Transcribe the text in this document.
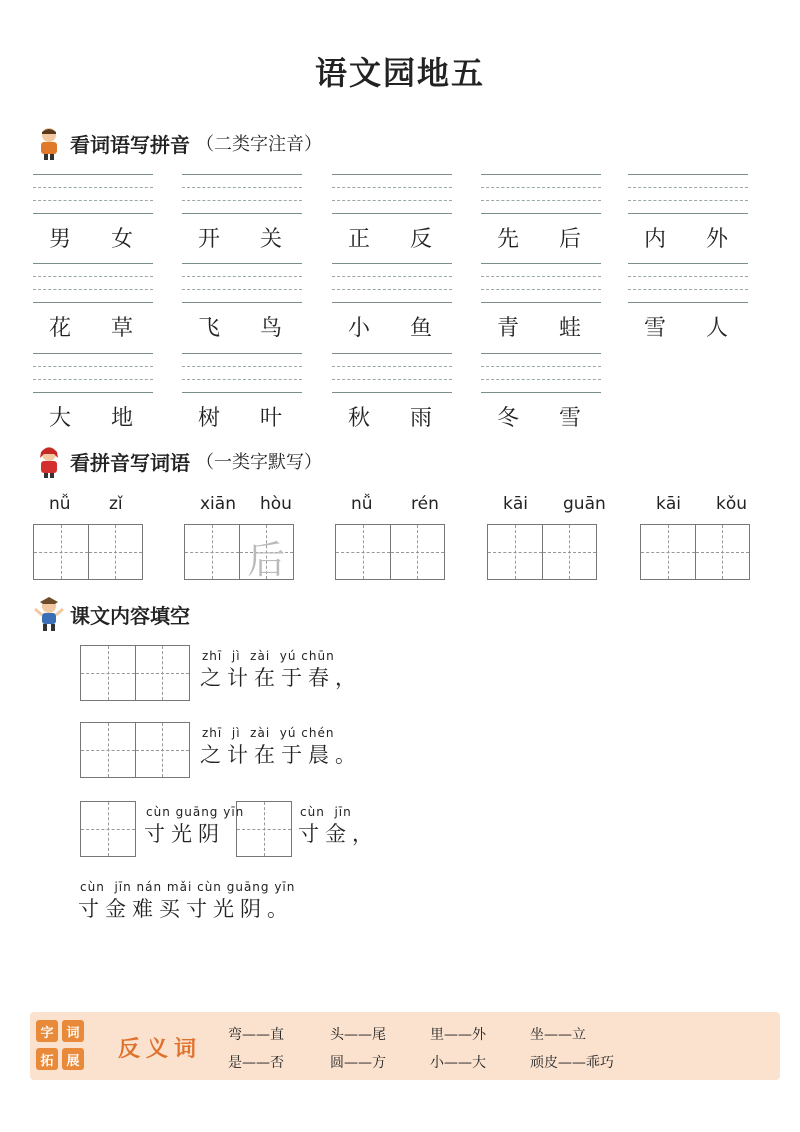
语文园地五
看词语写拼音 （二类字注音）
男 女	开 关	正 反	先 后	内 外
花 草	飞 鸟	小 鱼	青 蛙	雪 人
大 地	树 叶	秋 雨	冬 雪
看拼音写词语 （一类字默写）
nǚ zǐ	xiān hòu
后
nǚ rén	kāi guān	kāi kǒu
课文内容填空
zhī  jì  zài  yú chūn
之计在于春，
zhī  jì  zài  yú chén
之计在于晨。
cùn guāng yīn
寸光阴
cùn  jīn
寸金，
cùn  jīn nán mǎi cùn guāng yīn
寸金难买寸光阴。
字 词
拓 展 反义词
弯——直	头——尾	里——外	坐——立
是——否	圆——方	小——大	顽皮——乖巧
